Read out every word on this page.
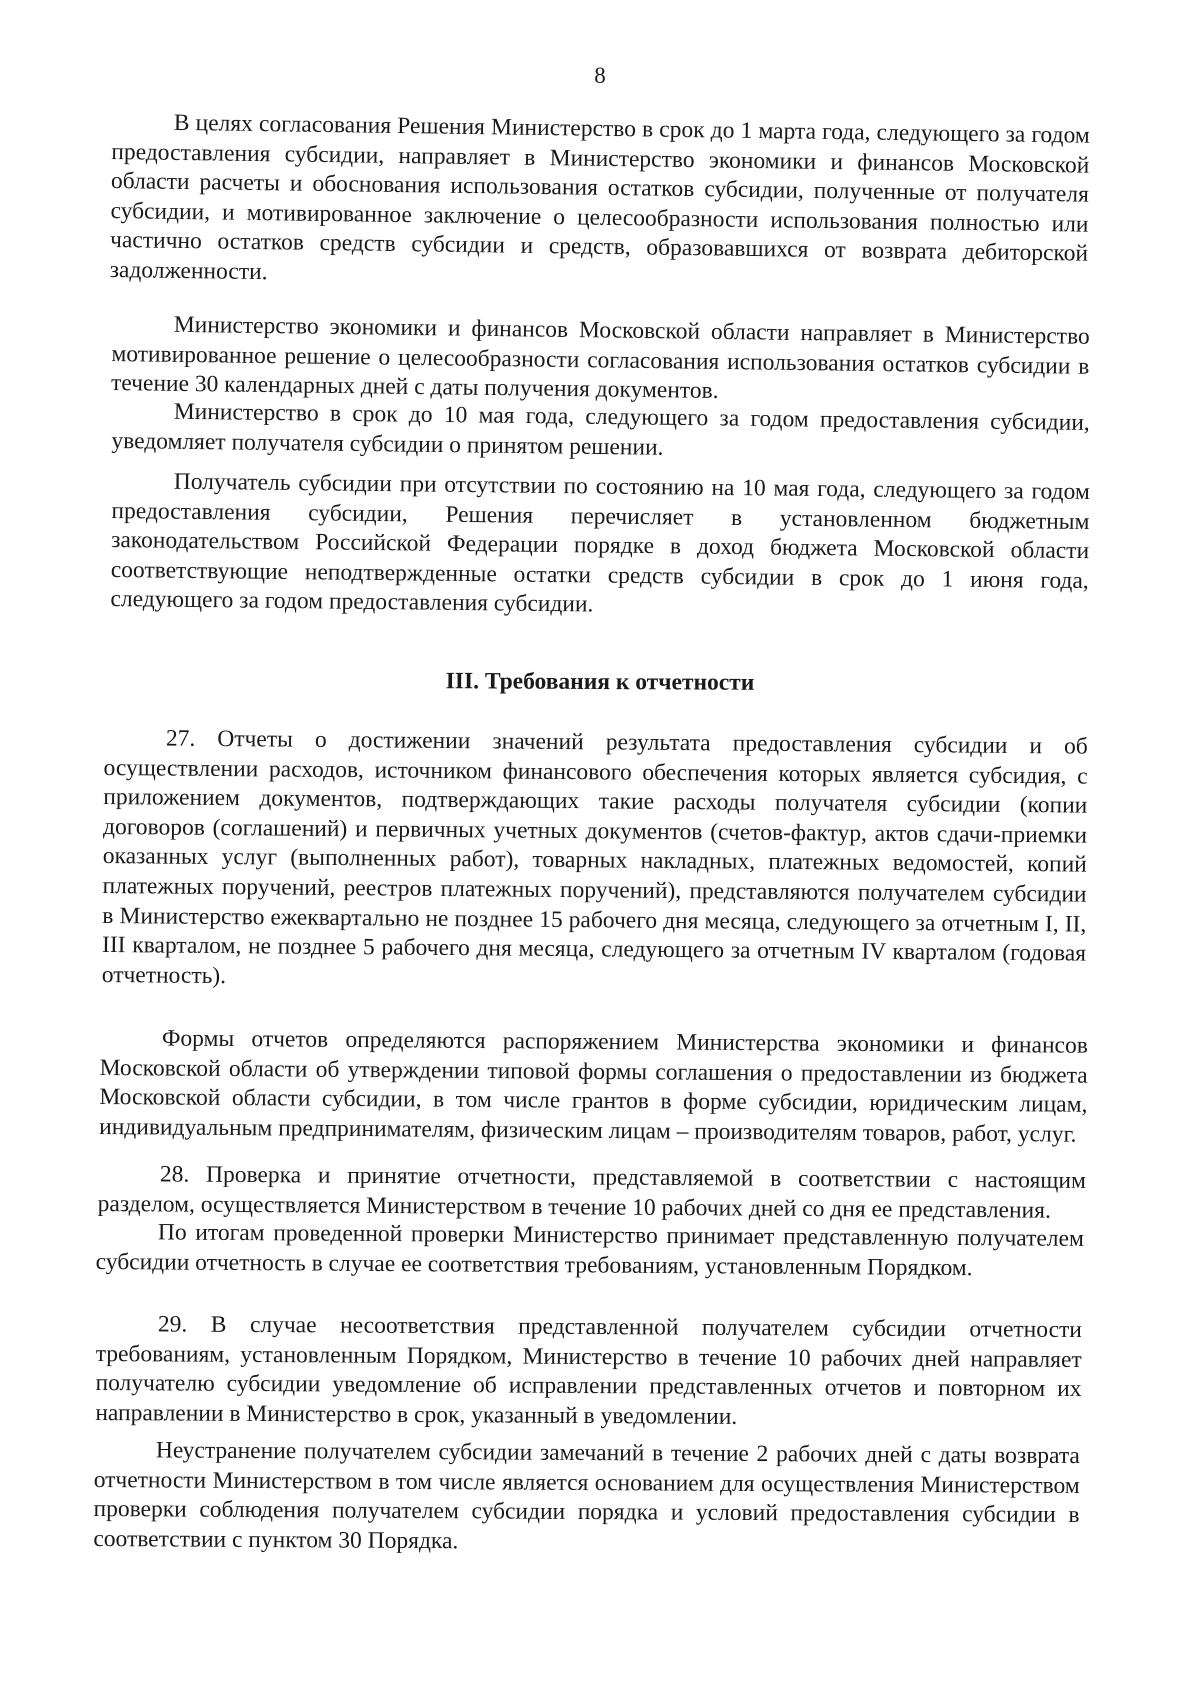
8

В целях согласования Решения Министерство в срок до 1 марта года, следующего за годом предоставления субсидии, направляет в Министерство экономики и финансов Московской области расчеты и обоснования использования остатков субсидии, полученные от получателя субсидии, и мотивированное заключение о целесообразности использования полностью или частично остатков средств субсидии и средств, образовавшихся от возврата дебиторской задолженности.

Министерство экономики и финансов Московской области направляет в Министерство мотивированное решение о целесообразности согласования использования остатков субсидии в течение 30 календарных дней с даты получения документов.

Министерство в срок до 10 мая года, следующего за годом предоставления субсидии, уведомляет получателя субсидии о принятом решении.

Получатель субсидии при отсутствии по состоянию на 10 мая года, следующего за годом предоставления субсидии, Решения перечисляет в установленном бюджетным законодательством Российской Федерации порядке в доход бюджета Московской области соответствующие неподтвержденные остатки средств субсидии в срок до 1 июня года, следующего за годом предоставления субсидии.

III. Требования к отчетности

27. Отчеты о достижении значений результата предоставления субсидии и об осуществлении расходов, источником финансового обеспечения которых является субсидия, с приложением документов, подтверждающих такие расходы получателя субсидии (копии договоров (соглашений) и первичных учетных документов (счетов-фактур, актов сдачи-приемки оказанных услуг (выполненных работ), товарных накладных, платежных ведомостей, копий платежных поручений, реестров платежных поручений), представляются получателем субсидии в Министерство ежеквартально не позднее 15 рабочего дня месяца, следующего за отчетным I, II, III кварталом, не позднее 5 рабочего дня месяца, следующего за отчетным IV кварталом (годовая отчетность).

Формы отчетов определяются распоряжением Министерства экономики и финансов Московской области об утверждении типовой формы соглашения о предоставлении из бюджета Московской области субсидии, в том числе грантов в форме субсидии, юридическим лицам, индивидуальным предпринимателям, физическим лицам – производителям товаров, работ, услуг.

28. Проверка и принятие отчетности, представляемой в соответствии с настоящим разделом, осуществляется Министерством в течение 10 рабочих дней со дня ее представления.

По итогам проведенной проверки Министерство принимает представленную получателем субсидии отчетность в случае ее соответствия требованиям, установленным Порядком.

29. В случае несоответствия представленной получателем субсидии отчетности требованиям, установленным Порядком, Министерство в течение 10 рабочих дней направляет получателю субсидии уведомление об исправлении представленных отчетов и повторном их направлении в Министерство в срок, указанный в уведомлении.

Неустранение получателем субсидии замечаний в течение 2 рабочих дней с даты возврата отчетности Министерством в том числе является основанием для осуществления Министерством проверки соблюдения получателем субсидии порядка и условий предоставления субсидии в соответствии с пунктом 30 Порядка.
